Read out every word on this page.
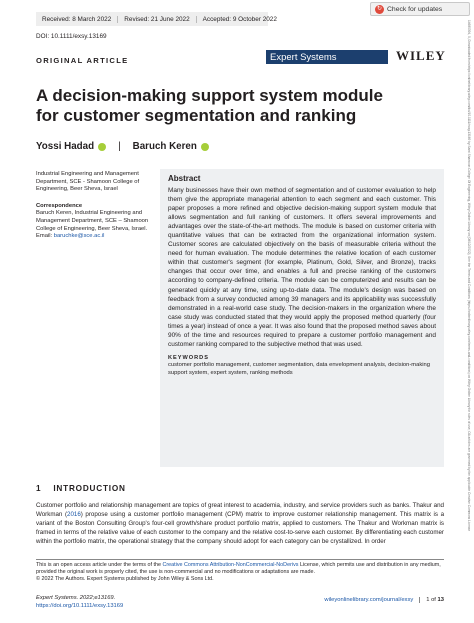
↻ Check for updates
Received: 8 March 2022	Revised: 21 June 2022	Accepted: 9 October 2022
DOI: 10.1111/exsy.13169
ORIGINAL ARTICLE	Expert Systems	WILEY
A decision-making support system module for customer segmentation and ranking
Yossi Hadad | Baruch Keren
Industrial Engineering and Management Department, SCE - Shamoon College of Engineering, Beer Sheva, Israel
Correspondence
Baruch Keren, Industrial Engineering and Management Department, SCE – Shamoon College of Engineering, Beer Sheva, Israel.
Email: baruchke@sce.ac.il
Abstract

Many businesses have their own method of segmentation and of customer evaluation to help them give the appropriate managerial attention to each segment and each customer. This paper proposes a more refined and objective decision-making support system module that allows segmentation and full ranking of customers. It offers several improvements and advantages over the state-of-the-art methods. The module is based on customer criteria with quantitative values that can be extracted from the organizational information system. Customer scores are calculated objectively on the basis of measurable criteria without the need for human evaluation. The module determines the relative location of each customer within that customer's segment (for example, Platinum, Gold, Silver, and Bronze), tracks changes that occur over time, and enables a full and precise ranking of the customers according to company-defined criteria. The module can be computerized and results can be generated quickly at any time, using up-to-date data. The module's design was based on feedback from a survey conducted among 39 managers and its applicability was successfully demonstrated in a real-world case study. The decision-makers in the organization where the case study was conducted stated that they would apply the proposed method quarterly (four times a year) instead of once a year. It was also found that the proposed method saves about 90% of the time and resources required to prepare a customer portfolio management and customer ranking compared to the subjective method that was used.

KEYWORDS
customer portfolio management, customer segmentation, data envelopment analysis, decision-making support system, expert system, ranking methods
1 INTRODUCTION

Customer portfolio and relationship management are topics of great interest to academia, industry, and service providers such as banks. Thakur and Workman (2016) propose using a customer portfolio management (CPM) matrix to improve customer relationship management. This matrix is a variant of the Boston Consulting Group's four-cell growth/share product portfolio matrix, applied to customers. The Thakur and Workman matrix is framed in terms of the relative value of each customer to the company and the relative cost-to-serve each customer. By differentiating each customer within the portfolio matrix, the operational strategy that the company should adopt for each category can be crystallized. In order

This is an open access article under the terms of the Creative Commons Attribution-NonCommercial-NoDerivs License, which permits use and distribution in any medium, provided the original work is properly cited, the use is non-commercial and no modifications or adaptations are made.
© 2022 The Authors. Expert Systems published by John Wiley & Sons Ltd.
Expert Systems. 2022;e13169.
https://doi.org/10.1111/exsy.13169
wileyonlinelibrary.com/journal/exsy	1 of 13
14680394, 0, Downloaded from https://onlinelibrary.wiley.com/doi/10.1111/exsy.13169 by Sami Shamoon College Of Engineering, Wiley Online Library on [08/12/2022]. See the Terms and Conditions (https://onlinelibrary.wiley.com/terms-and-conditions) on Wiley Online Library for rules of use; OA articles are governed by the applicable Creative Commons License
